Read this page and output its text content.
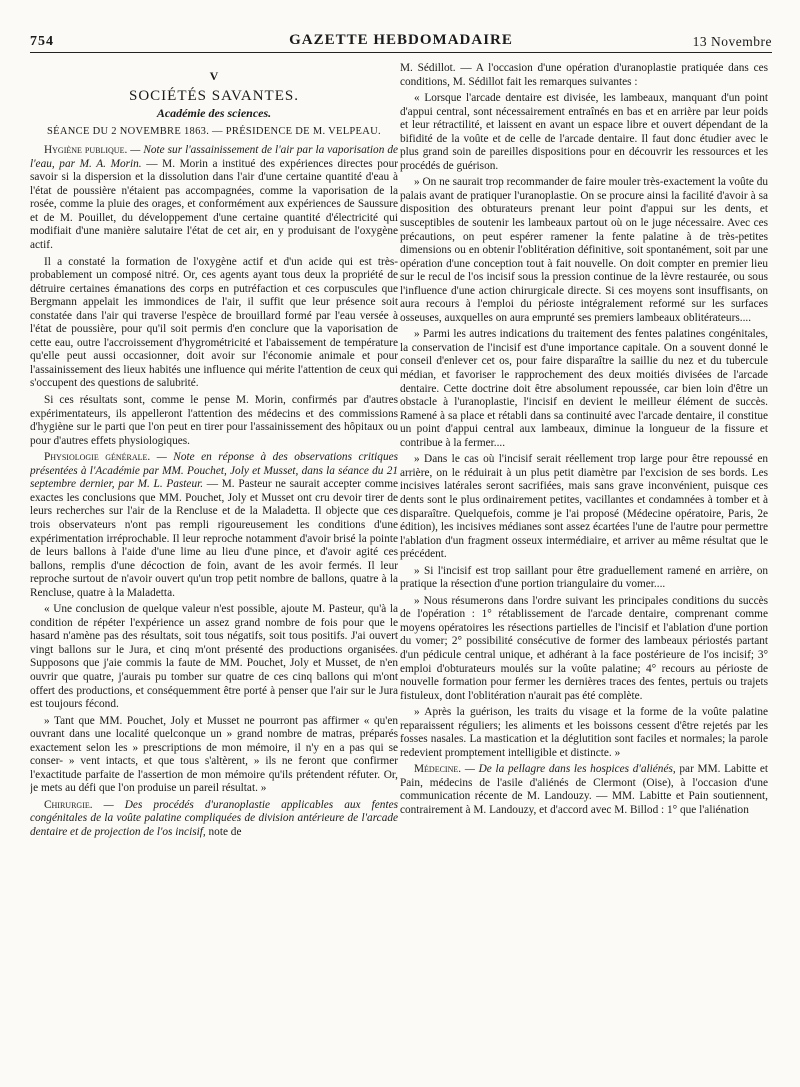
754	GAZETTE HEBDOMADAIRE	13 Novembre
V
SOCIÉTÉS SAVANTES.
Académie des sciences.
SÉANCE DU 2 NOVEMBRE 1863. — PRÉSIDENCE DE M. VELPEAU.

Hygiène publique. — Note sur l'assainissement de l'air par la vaporisation de l'eau, par M. A. Morin. — M. Morin a institué des expériences directes pour savoir si la dispersion et la dissolution dans l'air d'une certaine quantité d'eau à l'état de poussière n'étaient pas accompagnées, comme la vaporisation de la rosée, comme la pluie des orages, et conformément aux expériences de Saussure et de M. Pouillet, du développement d'une certaine quantité d'électricité qui modifiait d'une manière salutaire l'état de cet air, en y produisant de l'oxygène actif.

Il a constaté la formation de l'oxygène actif et d'un acide qui est très-probablement un composé nitré. Or, ces agents ayant tous deux la propriété de détruire certaines émanations des corps en putréfaction et ces corpuscules que Bergmann appelait les immondices de l'air, il suffit que leur présence soit constatée dans l'air qui traverse l'espèce de brouillard formé par l'eau versée à l'état de poussière, pour qu'il soit permis d'en conclure que la vaporisation de cette eau, outre l'accroissement d'hygrométricité et l'abaissement de température qu'elle peut aussi occasionner, doit avoir sur l'économie animale et pour l'assainissement des lieux habités une influence qui mérite l'attention de ceux qui s'occupent des questions de salubrité.

Si ces résultats sont, comme le pense M. Morin, confirmés par d'autres expérimentateurs, ils appelleront l'attention des médecins et des commissions d'hygiène sur le parti que l'on peut en tirer pour l'assainissement des hôpitaux ou pour d'autres effets physiologiques.

Physiologie générale. — Note en réponse à des observations critiques présentées à l'Académie par MM. Pouchet, Joly et Musset, dans la séance du 21 septembre dernier, par M. L. Pasteur. — M. Pasteur ne saurait accepter comme exactes les conclusions que MM. Pouchet, Joly et Musset ont cru devoir tirer de leurs recherches sur l'air de la Rencluse et de la Maladetta. Il objecte que ces trois observateurs n'ont pas rempli rigoureusement les conditions d'une expérimentation irréprochable. Il leur reproche notamment d'avoir brisé la pointe de leurs ballons à l'aide d'une lime au lieu d'une pince, et d'avoir agité ces ballons, remplis d'une décoction de foin, avant de les avoir fermés. Il leur reproche surtout de n'avoir ouvert qu'un trop petit nombre de ballons, quatre à la Rencluse, quatre à la Maladetta.

« Une conclusion de quelque valeur n'est possible, ajoute M. Pasteur, qu'à la condition de répéter l'expérience un assez grand nombre de fois pour que le hasard n'amène pas des résultats, soit tous négatifs, soit tous positifs. J'ai ouvert vingt ballons sur le Jura, et cinq m'ont présenté des productions organisées. Supposons que j'aie commis la faute de MM. Pouchet, Joly et Musset, de n'en ouvrir que quatre, j'aurais pu tomber sur quatre de ces cinq ballons qui m'ont offert des productions, et conséquemment être porté à penser que l'air sur le Jura est toujours fécond.

» Tant que MM. Pouchet, Joly et Musset ne pourront pas affirmer « qu'en ouvrant dans une localité quelconque un » grand nombre de matras, préparés exactement selon les » prescriptions de mon mémoire, il n'y en a pas qui se conser- » vent intacts, et que tous s'altèrent, » ils ne feront que confirmer l'exactitude parfaite de l'assertion de mon mémoire qu'ils prétendent réfuter. Or, je mets au défi que l'on produise un pareil résultat. »

Chirurgie. — Des procédés d'uranoplastie applicables aux fentes congénitales de la voûte palatine compliquées de division antérieure de l'arcade dentaire et de projection de l'os incisif, note de

M. Sédillot. — A l'occasion d'une opération d'uranoplastie pratiquée dans ces conditions, M. Sédillot fait les remarques suivantes :

« Lorsque l'arcade dentaire est divisée, les lambeaux, manquant d'un point d'appui central, sont nécessairement entraînés en bas et en arrière par leur poids et leur rétractilité, et laissent en avant un espace libre et ouvert dépendant de la bifidité de la voûte et de celle de l'arcade dentaire. Il faut donc étudier avec le plus grand soin de pareilles dispositions pour en découvrir les ressources et les procédés de guérison.

» On ne saurait trop recommander de faire mouler très-exactement la voûte du palais avant de pratiquer l'uranoplastie. On se procure ainsi la facilité d'avoir à sa disposition des obturateurs prenant leur point d'appui sur les dents, et susceptibles de soutenir les lambeaux partout où on le juge nécessaire. Avec ces précautions, on peut espérer ramener la fente palatine à de très-petites dimensions ou en obtenir l'oblitération définitive, soit spontanément, soit par une opération d'une conception tout à fait nouvelle. On doit compter en premier lieu sur le recul de l'os incisif sous la pression continue de la lèvre restaurée, ou sous l'influence d'une action chirurgicale directe. Si ces moyens sont insuffisants, on aura recours à l'emploi du périoste intégralement reformé sur les surfaces osseuses, auxquelles on aura emprunté ses premiers lambeaux oblitérateurs....

» Parmi les autres indications du traitement des fentes palatines congénitales, la conservation de l'incisif est d'une importance capitale. On a souvent donné le conseil d'enlever cet os, pour faire disparaître la saillie du nez et du tubercule médian, et favoriser le rapprochement des deux moitiés divisées de l'arcade dentaire. Cette doctrine doit être absolument repoussée, car bien loin d'être un obstacle à l'uranoplastie, l'incisif en devient le meilleur élément de succès. Ramené à sa place et rétabli dans sa continuité avec l'arcade dentaire, il constitue un point d'appui central aux lambeaux, diminue la longueur de la fissure et contribue à la fermer....

» Dans le cas où l'incisif serait réellement trop large pour être repoussé en arrière, on le réduirait à un plus petit diamètre par l'excision de ses bords. Les incisives latérales seront sacrifiées, mais sans grave inconvénient, puisque ces dents sont le plus ordinairement petites, vacillantes et condamnées à tomber et à disparaître. Quelquefois, comme je l'ai proposé (Médecine opératoire, Paris, 2e édition), les incisives médianes sont assez écartées l'une de l'autre pour permettre l'ablation d'un fragment osseux intermédiaire, et arriver au même résultat que le précédent.

» Si l'incisif est trop saillant pour être graduellement ramené en arrière, on pratique la résection d'une portion triangulaire du vomer....

» Nous résumerons dans l'ordre suivant les principales conditions du succès de l'opération : 1° rétablissement de l'arcade dentaire, comprenant comme moyens opératoires les résections partielles de l'incisif et l'ablation d'une portion du vomer; 2° possibilité consécutive de former des lambeaux périostés partant d'un pédicule central unique, et adhérant à la face postérieure de l'os incisif; 3° emploi d'obturateurs moulés sur la voûte palatine; 4° recours au périoste de nouvelle formation pour fermer les dernières traces des fentes, pertuis ou trajets fistuleux, dont l'oblitération n'aurait pas été complète.

» Après la guérison, les traits du visage et la forme de la voûte palatine reparaissent réguliers; les aliments et les boissons cessent d'être rejetés par les fosses nasales. La mastication et la déglutition sont faciles et normales; la parole redevient promptement intelligible et distincte. »

Médecine. — De la pellagre dans les hospices d'aliénés, par MM. Labitte et Pain, médecins de l'asile d'aliénés de Clermont (Oise), à l'occasion d'une communication récente de M. Landouzy. — MM. Labitte et Pain soutiennent, contrairement à M. Landouzy, et d'accord avec M. Billod : 1° que l'aliénation
